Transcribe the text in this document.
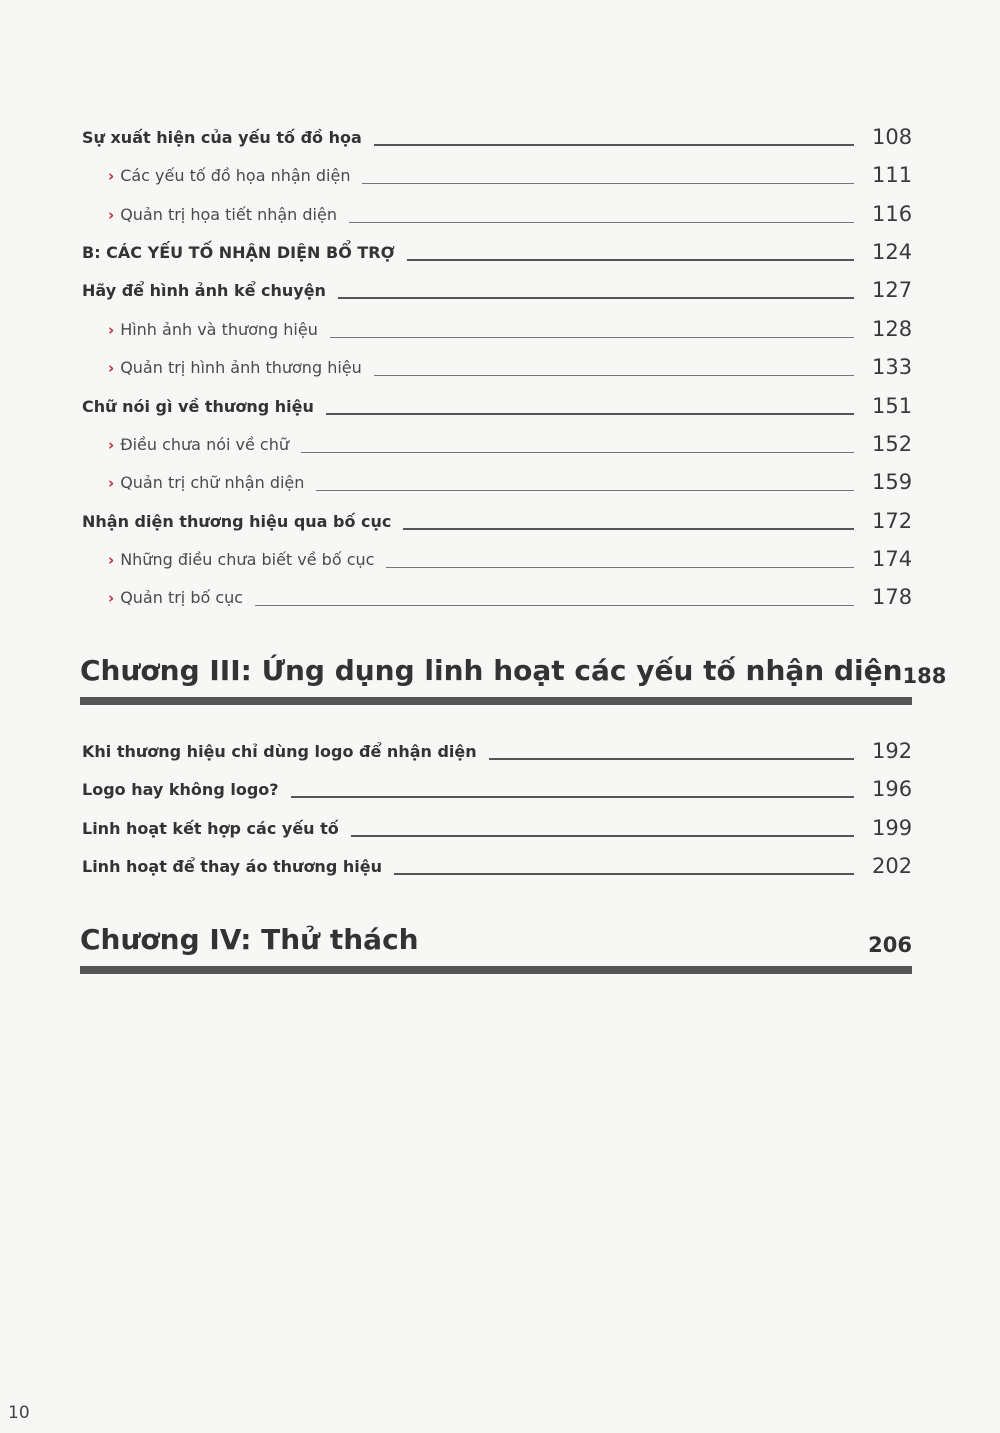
Sự xuất hiện của yếu tố đồ họa	108
› Các yếu tố đồ họa nhận diện	111
› Quản trị họa tiết nhận diện	116
B: CÁC YẾU TỐ NHẬN DIỆN BỔ TRỢ	124
Hãy để hình ảnh kể chuyện	127
› Hình ảnh và thương hiệu	128
› Quản trị hình ảnh thương hiệu	133
Chữ nói gì về thương hiệu	151
› Điều chưa nói về chữ	152
› Quản trị chữ nhận diện	159
Nhận diện thương hiệu qua bố cục	172
› Những điều chưa biết về bố cục	174
› Quản trị bố cục	178
Chương III: Ứng dụng linh hoạt các yếu tố nhận diện 188
Khi thương hiệu chỉ dùng logo để nhận diện	192
Logo hay không logo?	196
Linh hoạt kết hợp các yếu tố	199
Linh hoạt để thay áo thương hiệu	202
Chương IV: Thử thách	206
10
